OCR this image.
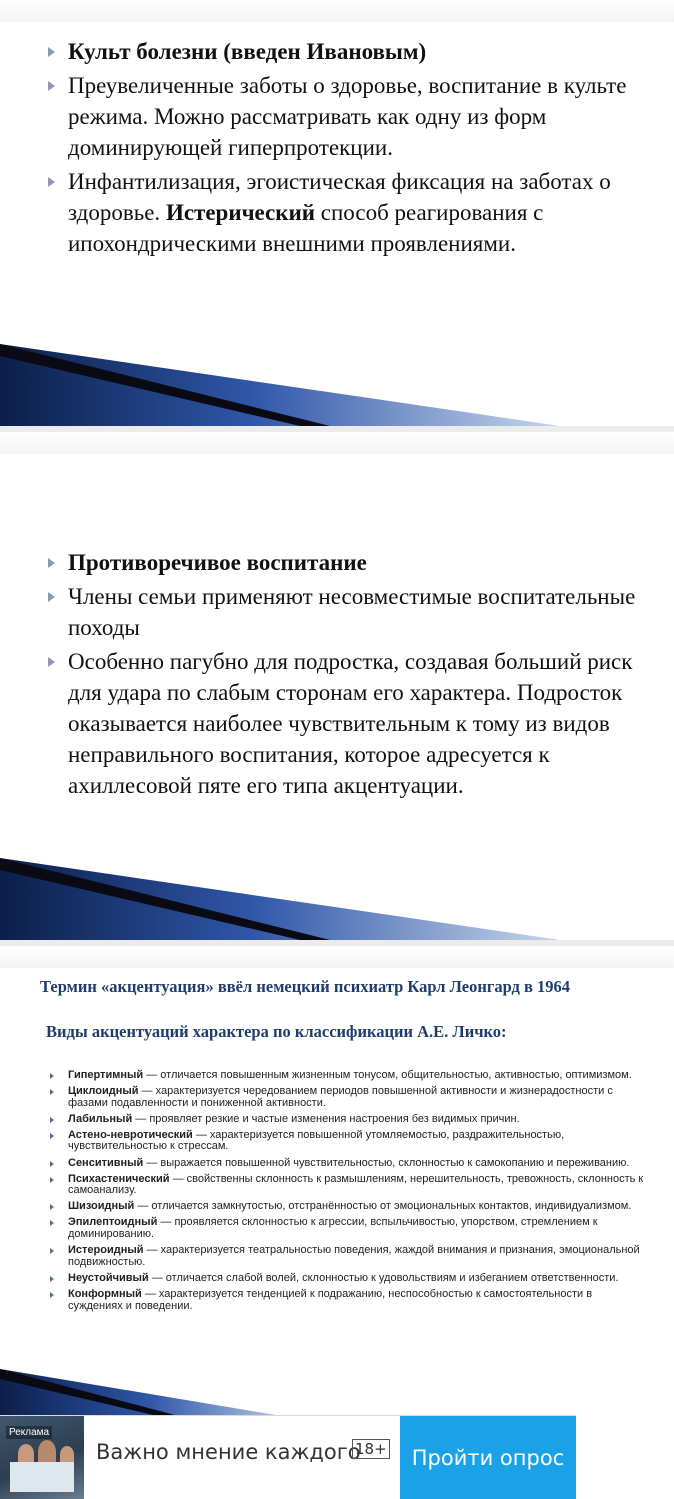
Культ болезни (введен Ивановым)
Преувеличенные заботы о здоровье, воспитание в культе режима. Можно рассматривать как одну из форм доминирующей гиперпротекции.
Инфантилизация, эгоистическая фиксация на заботах о здоровье. Истерический способ реагирования с ипохондрическими внешними проявлениями.
Противоречивое воспитание
Члены семьи применяют несовместимые воспитательные походы
Особенно пагубно для подростка, создавая больший риск для удара по слабым сторонам его характера. Подросток оказывается наиболее чувствительным к тому из видов неправильного воспитания, которое адресуется к ахиллесовой пяте его типа акцентуации.
Термин «акцентуация» ввёл немецкий психиатр Карл Леонгард в 1964
Виды акцентуаций характера по классификации А.Е. Личко:
Гипертимный — отличается повышенным жизненным тонусом, общительностью, активностью, оптимизмом.
Циклоидный — характеризуется чередованием периодов повышенной активности и жизнерадостности с фазами подавленности и пониженной активности.
Лабильный — проявляет резкие и частые изменения настроения без видимых причин.
Астено-невротический — характеризуется повышенной утомляемостью, раздражительностью, чувствительностью к стрессам.
Сенситивный — выражается повышенной чувствительностью, склонностью к самокопанию и переживанию.
Психастенический — свойственны склонность к размышлениям, нерешительность, тревожность, склонность к самоанализу.
Шизоидный — отличается замкнутостью, отстранённостью от эмоциональных контактов, индивидуализмом.
Эпилептоидный — проявляется склонностью к агрессии, вспыльчивостью, упорством, стремлением к доминированию.
Истероидный — характеризуется театральностью поведения, жаждой внимания и признания, эмоциональной подвижностью.
Неустойчивый — отличается слабой волей, склонностью к удовольствиям и избеганием ответственности.
Конформный — характеризуется тенденцией к подражанию, неспособностью к самостоятельности в суждениях и поведении.
Реклама
Важно мнение каждого
18+	Пройти опрос
